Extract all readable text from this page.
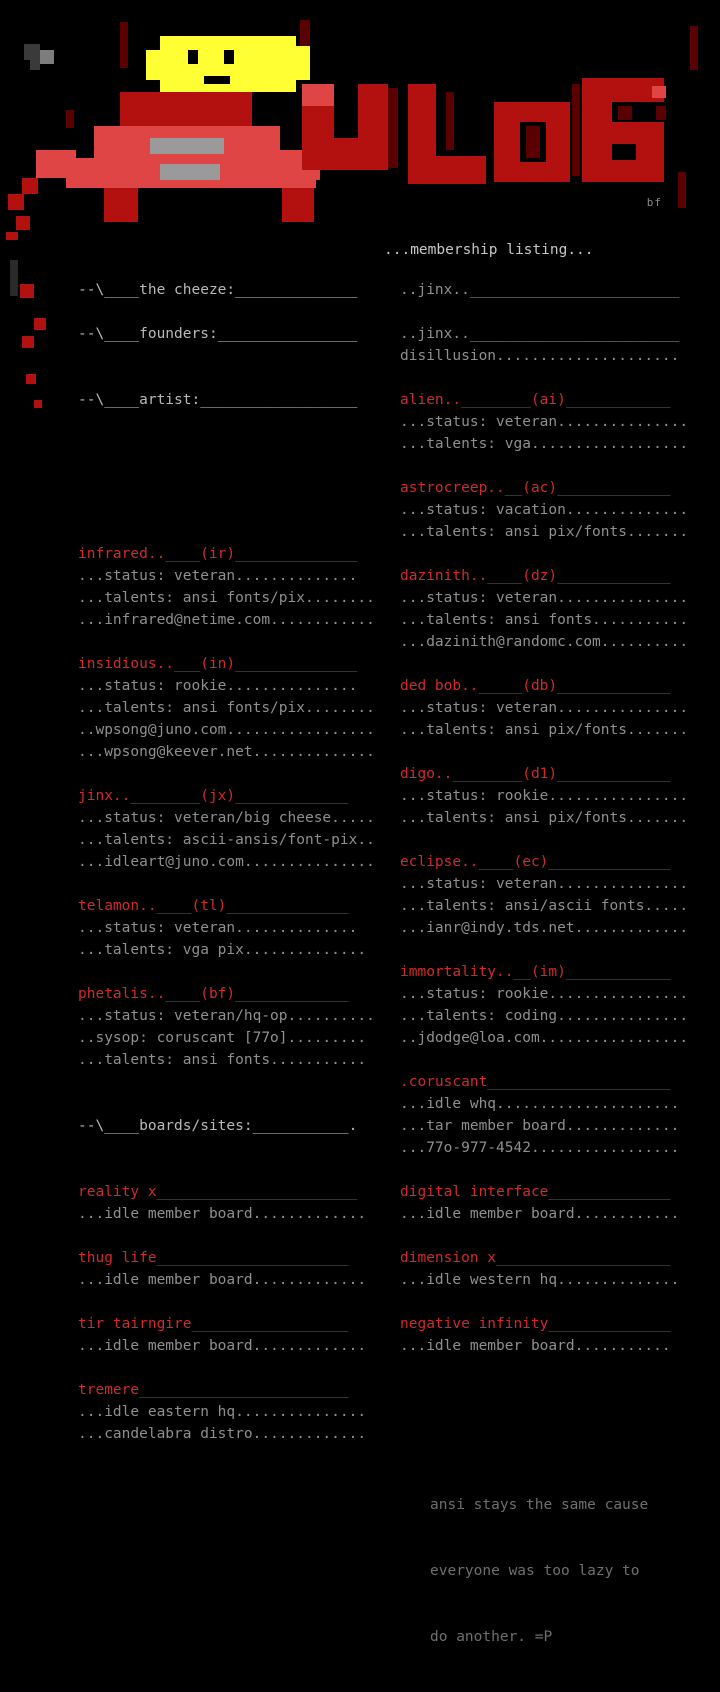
bf
...membership listing...
--\____the cheeze:______________
--\____founders:________________
--\____artist:__________________
infrared..____(ir)______________
...status: veteran..............
...talents: ansi fonts/pix........
...infrared@netime.com............
insidious..___(in)______________
...status: rookie...............
...talents: ansi fonts/pix........
..wpsong@juno.com.................
...wpsong@keever.net..............
jinx..________(jx)_____________
...status: veteran/big cheese.....
...talents: ascii-ansis/font-pix..
...idleart@juno.com...............
telamon..____(tl)______________
...status: veteran..............
...talents: vga pix..............
phetalis..____(bf)_____________
...status: veteran/hq-op..........
..sysop: coruscant [77o].........
...talents: ansi fonts...........
--\____boards/sites:___________.
reality x_______________________
...idle member board.............
thug life______________________
...idle member board.............
tir tairngire__________________
...idle member board.............
tremere________________________
...idle eastern hq...............
...candelabra distro.............
..jinx..________________________
..jinx..________________________
disillusion.....................
alien..________(ai)____________
...status: veteran...............
...talents: vga..................
astrocreep..__(ac)_____________
...status: vacation..............
...talents: ansi pix/fonts.......
dazinith..____(dz)_____________
...status: veteran...............
...talents: ansi fonts...........
...dazinith@randomc.com..........
ded bob.._____(db)_____________
...status: veteran...............
...talents: ansi pix/fonts.......
digo..________(d1)_____________
...status: rookie................
...talents: ansi pix/fonts.......
eclipse..____(ec)______________
...status: veteran...............
...talents: ansi/ascii fonts.....
...ianr@indy.tds.net.............
immortality..__(im)____________
...status: rookie................
...talents: coding...............
..jdodge@loa.com.................
.coruscant_____________________
...idle whq.....................
...tar member board.............
...77o-977-4542.................
digital interface______________
...idle member board............
dimension x____________________
...idle western hq..............
negative infinity______________
...idle member board...........

ansi stays the same cause

everyone was too lazy to

do another. =P
